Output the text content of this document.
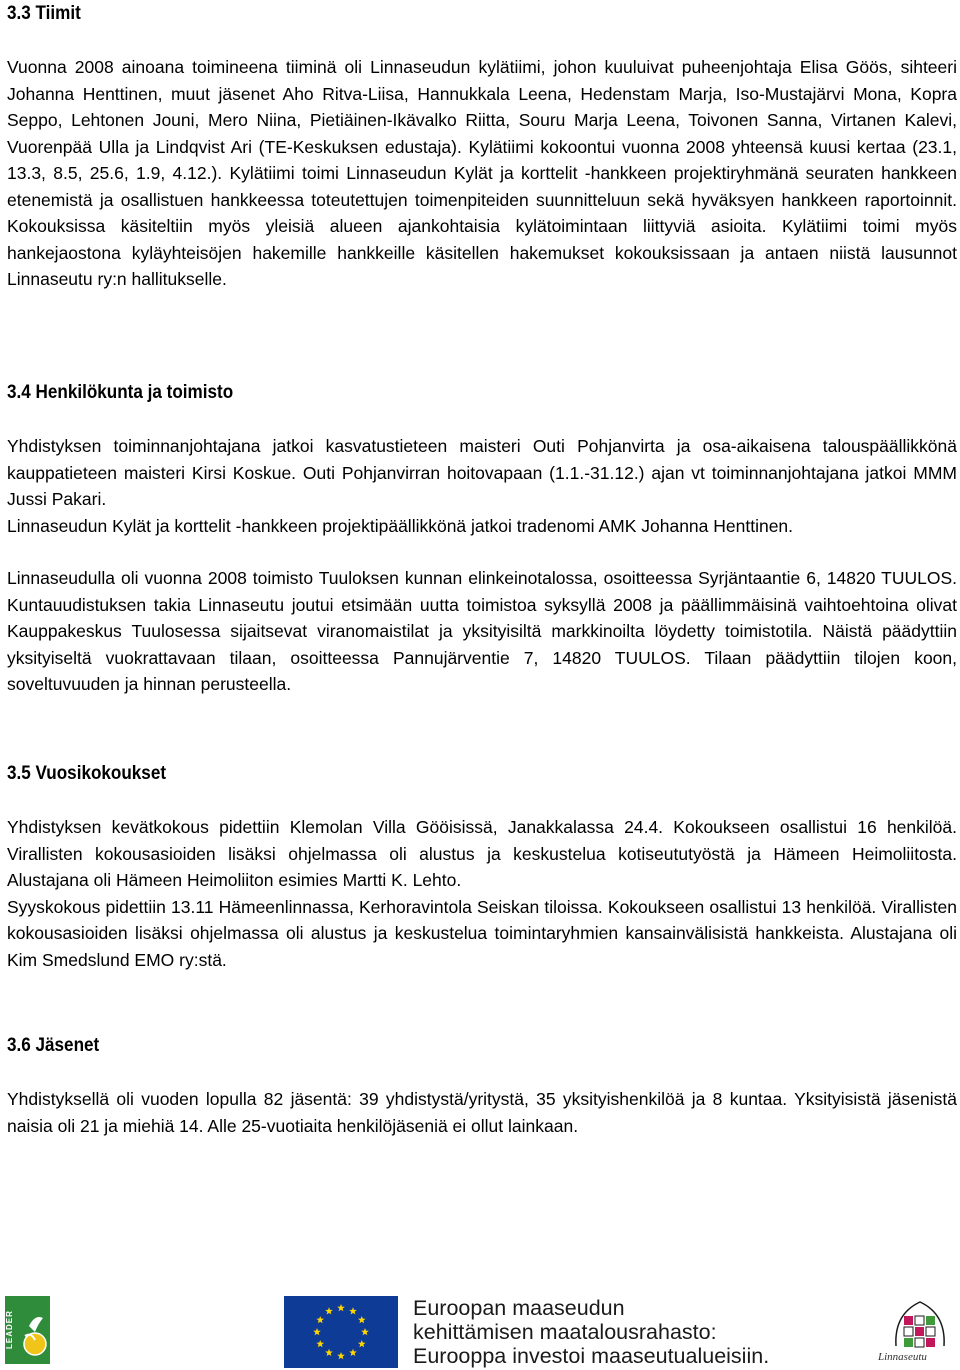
3.3 Tiimit

Vuonna 2008 ainoana toimineena tiiminä oli Linnaseudun kylätiimi, johon kuuluivat puheenjohtaja Elisa Göös, sihteeri Johanna Henttinen, muut jäsenet Aho Ritva-Liisa, Hannukkala Leena, Hedenstam Marja, Iso-Mustajärvi Mona, Kopra Seppo, Lehtonen Jouni, Mero Niina, Pietiäinen-Ikävalko Riitta, Souru Marja Leena, Toivonen Sanna, Virtanen Kalevi, Vuorenpää Ulla ja Lindqvist Ari (TE-Keskuksen edustaja). Kylätiimi kokoontui vuonna 2008 yhteensä kuusi kertaa (23.1, 13.3, 8.5, 25.6, 1.9, 4.12.). Kylätiimi toimi Linnaseudun Kylät ja korttelit -hankkeen projektiryhmänä seuraten hankkeen etenemistä ja osallistuen hankkeessa toteutettujen toimenpiteiden suunnitteluun sekä hyväksyen hankkeen raportoinnit. Kokouksissa käsiteltiin myös yleisiä alueen ajankohtaisia kylätoimintaan liittyviä asioita. Kylätiimi toimi myös hankejaostona kyläyhteisöjen hakemille hankkeille käsitellen hakemukset kokouksissaan ja antaen niistä lausunnot Linnaseutu ry:n hallitukselle.

3.4 Henkilökunta ja toimisto

Yhdistyksen toiminnanjohtajana jatkoi kasvatustieteen maisteri Outi Pohjanvirta ja osa-aikaisena talouspäällikkönä kauppatieteen maisteri Kirsi Koskue. Outi Pohjanvirran hoitovapaan (1.1.-31.12.) ajan vt toiminnanjohtajana jatkoi MMM Jussi Pakari.

Linnaseudun Kylät ja korttelit -hankkeen projektipäällikkönä jatkoi tradenomi AMK Johanna Henttinen.

Linnaseudulla oli vuonna 2008 toimisto Tuuloksen kunnan elinkeinotalossa, osoitteessa Syrjäntaantie 6, 14820 TUULOS. Kuntauudistuksen takia Linnaseutu joutui etsimään uutta toimistoa syksyllä 2008 ja päällimmäisinä vaihtoehtoina olivat Kauppakeskus Tuulosessa sijaitsevat viranomaistilat ja yksityisiltä markkinoilta löydetty toimistotila. Näistä päädyttiin yksityiseltä vuokrattavaan tilaan, osoitteessa Pannujärventie 7, 14820 TUULOS. Tilaan päädyttiin tilojen koon, soveltuvuuden ja hinnan perusteella.

3.5 Vuosikokoukset

Yhdistyksen kevätkokous pidettiin Klemolan Villa Gööisissä, Janakkalassa 24.4. Kokoukseen osallistui 16 henkilöä. Virallisten kokousasioiden lisäksi ohjelmassa oli alustus ja keskustelua kotiseututyöstä ja Hämeen Heimoliitosta. Alustajana oli Hämeen Heimoliiton esimies Martti K. Lehto.

Syyskokous pidettiin 13.11 Hämeenlinnassa, Kerhoravintola Seiskan tiloissa. Kokoukseen osallistui 13 henkilöä. Virallisten kokousasioiden lisäksi ohjelmassa oli alustus ja keskustelua toimintaryhmien kansainvälisistä hankkeista. Alustajana oli Kim Smedslund EMO ry:stä.

3.6 Jäsenet

Yhdistyksellä oli vuoden lopulla 82 jäsentä: 39 yhdistystä/yritystä, 35 yksityishenkilöä ja 8 kuntaa. Yksityisistä jäsenistä naisia oli 21 ja miehiä 14. Alle 25-vuotiaita henkilöjäseniä ei ollut lainkaan.

LEADER
Euroopan maaseudun
kehittämisen maatalousrahasto:
Eurooppa investoi maaseutualueisiin.	Linnaseutu
